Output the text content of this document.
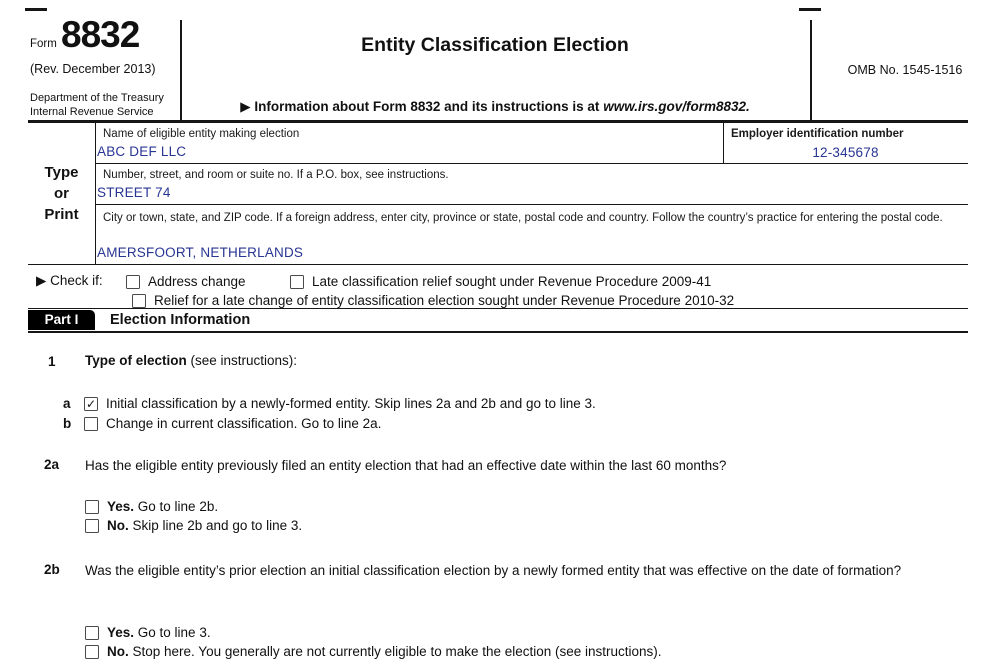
Form 8832
(Rev. December 2013)
Department of the Treasury
Internal Revenue Service
Entity Classification Election
▶ Information about Form 8832 and its instructions is at www.irs.gov/form8832.
OMB No. 1545-1516
Type
or
Print
Name of eligible entity making election
ABC DEF LLC
Employer identification number
12-345678
Number, street, and room or suite no. If a P.O. box, see instructions.
STREET 74
City or town, state, and ZIP code. If a foreign address, enter city, province or state, postal code and country. Follow the country’s practice for entering the postal code.
AMERSFOORT, NETHERLANDS
▶ Check if:	Address change	Late classification relief sought under Revenue Procedure 2009-41
Relief for a late change of entity classification election sought under Revenue Procedure 2010-32
Part I	Election Information
1	Type of election (see instructions):
a	✓ Initial classification by a newly-formed entity. Skip lines 2a and 2b and go to line 3.
b	Change in current classification. Go to line 2a.
2a	Has the eligible entity previously filed an entity election that had an effective date within the last 60 months?
Yes. Go to line 2b.
No. Skip line 2b and go to line 3.
2b	Was the eligible entity’s prior election an initial classification election by a newly formed entity that was effective on the date of formation?
Yes. Go to line 3.
No. Stop here. You generally are not currently eligible to make the election (see instructions).
